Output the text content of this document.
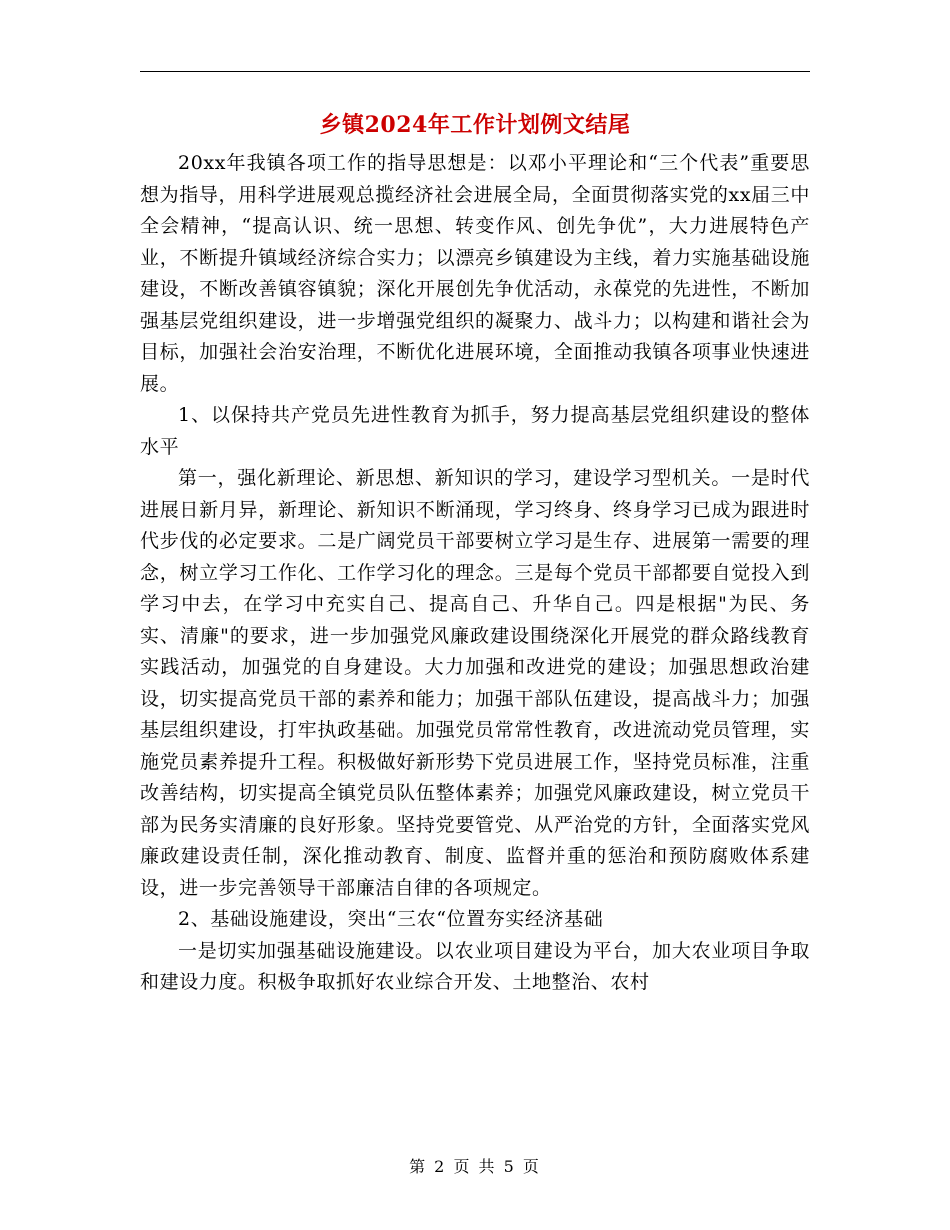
乡镇2024年工作计划例文结尾

20xx年我镇各项工作的指导思想是：以邓小平理论和“三个代表”重要思想为指导，用科学进展观总揽经济社会进展全局，全面贯彻落实党的xx届三中全会精神，“提高认识、统一思想、转变作风、创先争优”，大力进展特色产业，不断提升镇域经济综合实力；以漂亮乡镇建设为主线，着力实施基础设施建设，不断改善镇容镇貌；深化开展创先争优活动，永葆党的先进性，不断加强基层党组织建设，进一步增强党组织的凝聚力、战斗力；以构建和谐社会为目标，加强社会治安治理，不断优化进展环境，全面推动我镇各项事业快速进展。

1、以保持共产党员先进性教育为抓手，努力提高基层党组织建设的整体水平

第一，强化新理论、新思想、新知识的学习，建设学习型机关。一是时代进展日新月异，新理论、新知识不断涌现，学习终身、终身学习已成为跟进时代步伐的必定要求。二是广阔党员干部要树立学习是生存、进展第一需要的理念，树立学习工作化、工作学习化的理念。三是每个党员干部都要自觉投入到学习中去，在学习中充实自己、提高自己、升华自己。四是根据"为民、务实、清廉"的要求，进一步加强党风廉政建设围绕深化开展党的群众路线教育实践活动，加强党的自身建设。大力加强和改进党的建设；加强思想政治建设，切实提高党员干部的素养和能力；加强干部队伍建设，提高战斗力；加强基层组织建设，打牢执政基础。加强党员常常性教育，改进流动党员管理，实施党员素养提升工程。积极做好新形势下党员进展工作，坚持党员标准，注重改善结构，切实提高全镇党员队伍整体素养；加强党风廉政建设，树立党员干部为民务实清廉的良好形象。坚持党要管党、从严治党的方针，全面落实党风廉政建设责任制，深化推动教育、制度、监督并重的惩治和预防腐败体系建设，进一步完善领导干部廉洁自律的各项规定。

2、基础设施建设，突出“三农“位置夯实经济基础

一是切实加强基础设施建设。以农业项目建设为平台，加大农业项目争取和建设力度。积极争取抓好农业综合开发、土地整治、农村

第 2 页 共 5 页
